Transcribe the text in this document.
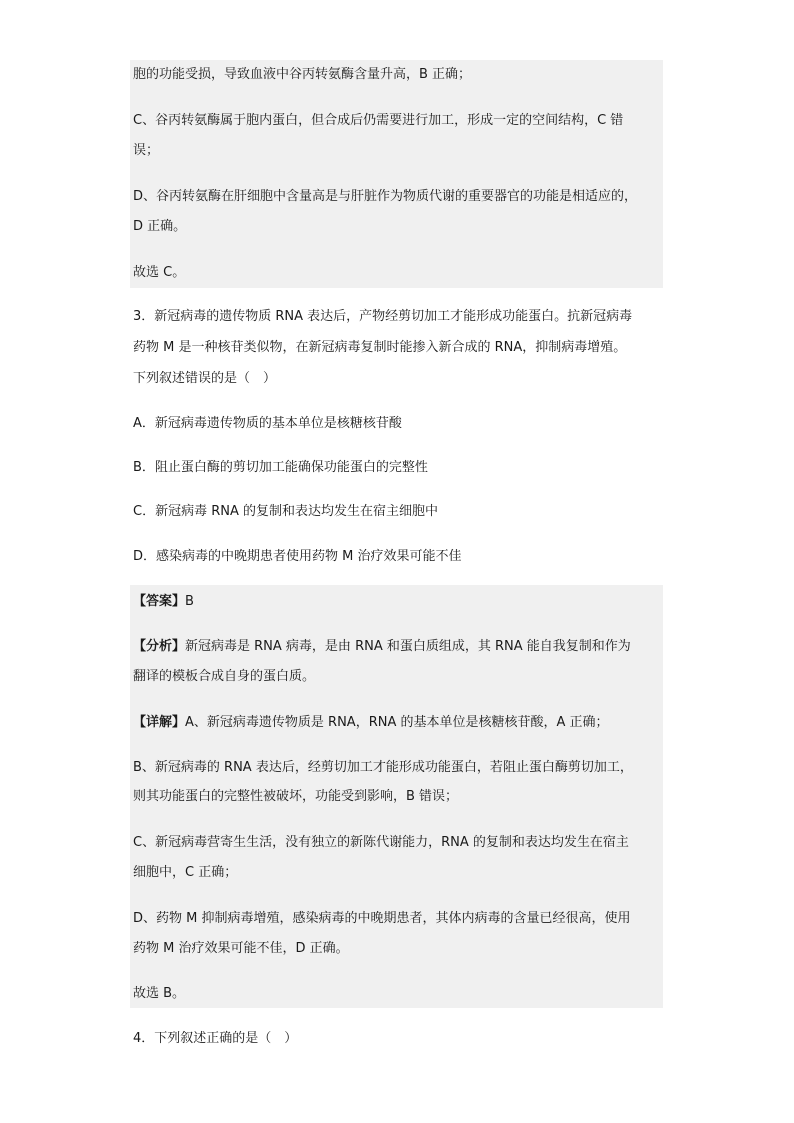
胞的功能受损，导致血液中谷丙转氨酶含量升高，B 正确；
C、谷丙转氨酶属于胞内蛋白，但合成后仍需要进行加工，形成一定的空间结构，C 错
误；
D、谷丙转氨酶在肝细胞中含量高是与肝脏作为物质代谢的重要器官的功能是相适应的，
D 正确。
故选 C。
3．新冠病毒的遗传物质 RNA 表达后，产物经剪切加工才能形成功能蛋白。抗新冠病毒
药物 M 是一种核苷类似物，在新冠病毒复制时能掺入新合成的 RNA，抑制病毒增殖。
下列叙述错误的是（　）
A．新冠病毒遗传物质的基本单位是核糖核苷酸
B．阻止蛋白酶的剪切加工能确保功能蛋白的完整性
C．新冠病毒 RNA 的复制和表达均发生在宿主细胞中
D．感染病毒的中晚期患者使用药物 M 治疗效果可能不佳
【答案】B
【分析】新冠病毒是 RNA 病毒，是由 RNA 和蛋白质组成，其 RNA 能自我复制和作为
翻译的模板合成自身的蛋白质。
【详解】A、新冠病毒遗传物质是 RNA，RNA 的基本单位是核糖核苷酸，A 正确；
B、新冠病毒的 RNA 表达后，经剪切加工才能形成功能蛋白，若阻止蛋白酶剪切加工，
则其功能蛋白的完整性被破坏，功能受到影响，B 错误；
C、新冠病毒营寄生生活，没有独立的新陈代谢能力，RNA 的复制和表达均发生在宿主
细胞中，C 正确；
D、药物 M 抑制病毒增殖，感染病毒的中晚期患者，其体内病毒的含量已经很高，使用
药物 M 治疗效果可能不佳，D 正确。
故选 B。
4．下列叙述正确的是（　）
